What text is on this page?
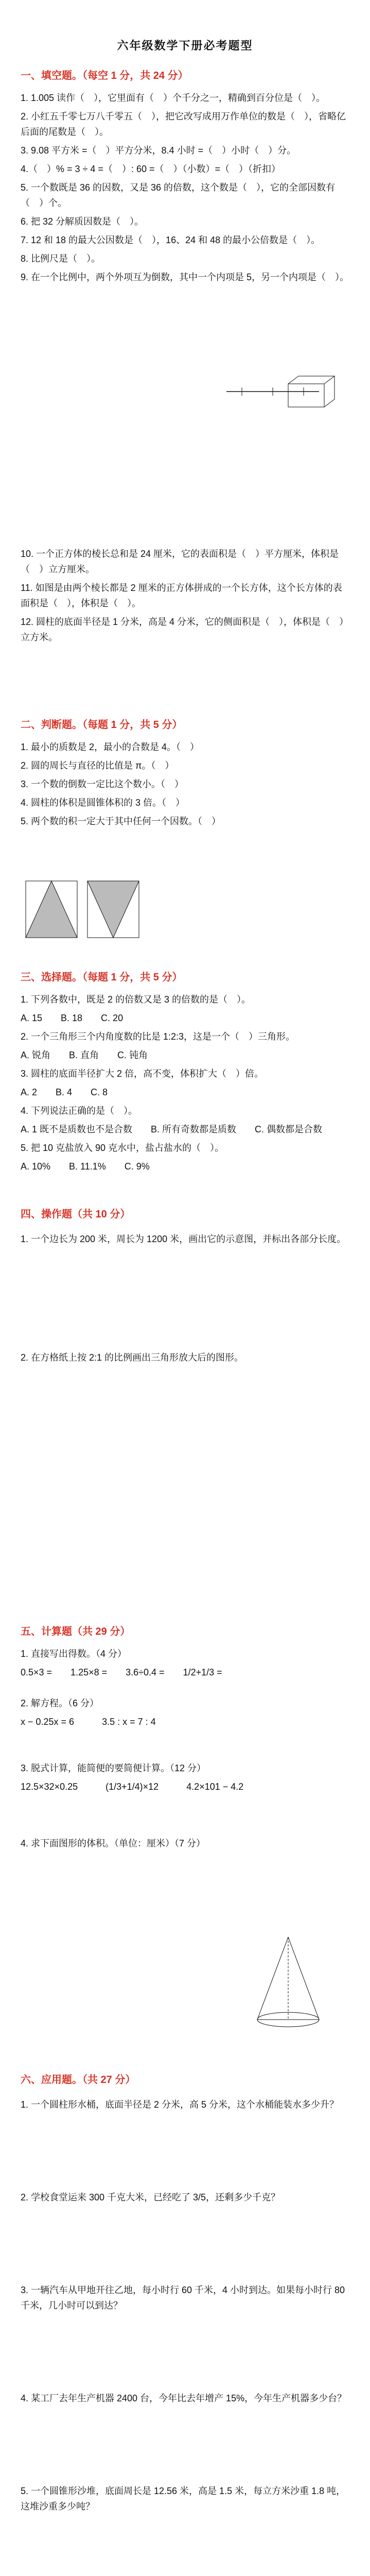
六年级数学下册必考题型
一、填空题。（每空 1 分，共 24 分）

1. 1.005 读作（　），它里面有（　）个千分之一，精确到百分位是（　）。

2. 小红五千零七万八千零五（　），把它改写成用万作单位的数是（　），省略亿后面的尾数是（　）。

3. 9.08 平方米 =（　）平方分米，8.4 小时 =（　）小时（　）分。

4.（　）% = 3 ÷ 4 =（　）: 60 =（　）（小数）=（　）（折扣）

5. 一个数既是 36 的因数，又是 36 的倍数，这个数是（　），它的全部因数有（　）个。

6. 把 32 分解质因数是（　）。

7. 12 和 18 的最大公因数是（　），16、24 和 48 的最小公倍数是（　）。

8. 比例尺是（　）。

9. 在一个比例中，两个外项互为倒数，其中一个内项是 5，另一个内项是（　）。

10. 一个正方体的棱长总和是 24 厘米，它的表面积是（　）平方厘米，体积是（　）立方厘米。

11. 如图是由两个棱长都是 2 厘米的正方体拼成的一个长方体，这个长方体的表面积是（　），体积是（　）。

12. 圆柱的底面半径是 1 分米，高是 4 分米，它的侧面积是（　），体积是（　）立方米。

二、判断题。（每题 1 分，共 5 分）

1. 最小的质数是 2，最小的合数是 4。（　）

2. 圆的周长与直径的比值是 π。（　）

3. 一个数的倒数一定比这个数小。（　）

4. 圆柱的体积是圆锥体积的 3 倍。（　）

5. 两个数的积一定大于其中任何一个因数。（　）

三、选择题。（每题 1 分，共 5 分）

1. 下列各数中，既是 2 的倍数又是 3 的倍数的是（　）。

A. 15　　B. 18　　C. 20

2. 一个三角形三个内角度数的比是 1:2:3，这是一个（　）三角形。

A. 锐角　　B. 直角　　C. 钝角

3. 圆柱的底面半径扩大 2 倍，高不变，体积扩大（　）倍。

A. 2　　B. 4　　C. 8

4. 下列说法正确的是（　）。

A. 1 既不是质数也不是合数　　B. 所有奇数都是质数　　C. 偶数都是合数

5. 把 10 克盐放入 90 克水中，盐占盐水的（　）。

A. 10%　　B. 11.1%　　C. 9%

四、操作题（共 10 分）

1. 一个边长为 200 米，周长为 1200 米，画出它的示意图，并标出各部分长度。

2. 在方格纸上按 2:1 的比例画出三角形放大后的图形。

五、计算题（共 29 分）

1. 直接写出得数。（4 分）

0.5×3 =　　1.25×8 =　　3.6÷0.4 =　　1/2+1/3 =

2. 解方程。（6 分）

x − 0.25x = 6　　　3.5 : x = 7 : 4

3. 脱式计算，能简便的要简便计算。（12 分）

12.5×32×0.25　　　(1/3+1/4)×12　　　4.2×101 − 4.2

4. 求下面图形的体积。（单位：厘米）（7 分）

六、应用题。（共 27 分）

1. 一个圆柱形水桶，底面半径是 2 分米，高 5 分米，这个水桶能装水多少升？

2. 学校食堂运来 300 千克大米，已经吃了 3/5，还剩多少千克？

3. 一辆汽车从甲地开往乙地，每小时行 60 千米，4 小时到达。如果每小时行 80 千米，几小时可以到达？

4. 某工厂去年生产机器 2400 台，今年比去年增产 15%，今年生产机器多少台？

5. 一个圆锥形沙堆，底面周长是 12.56 米，高是 1.5 米，每立方米沙重 1.8 吨，这堆沙重多少吨？
